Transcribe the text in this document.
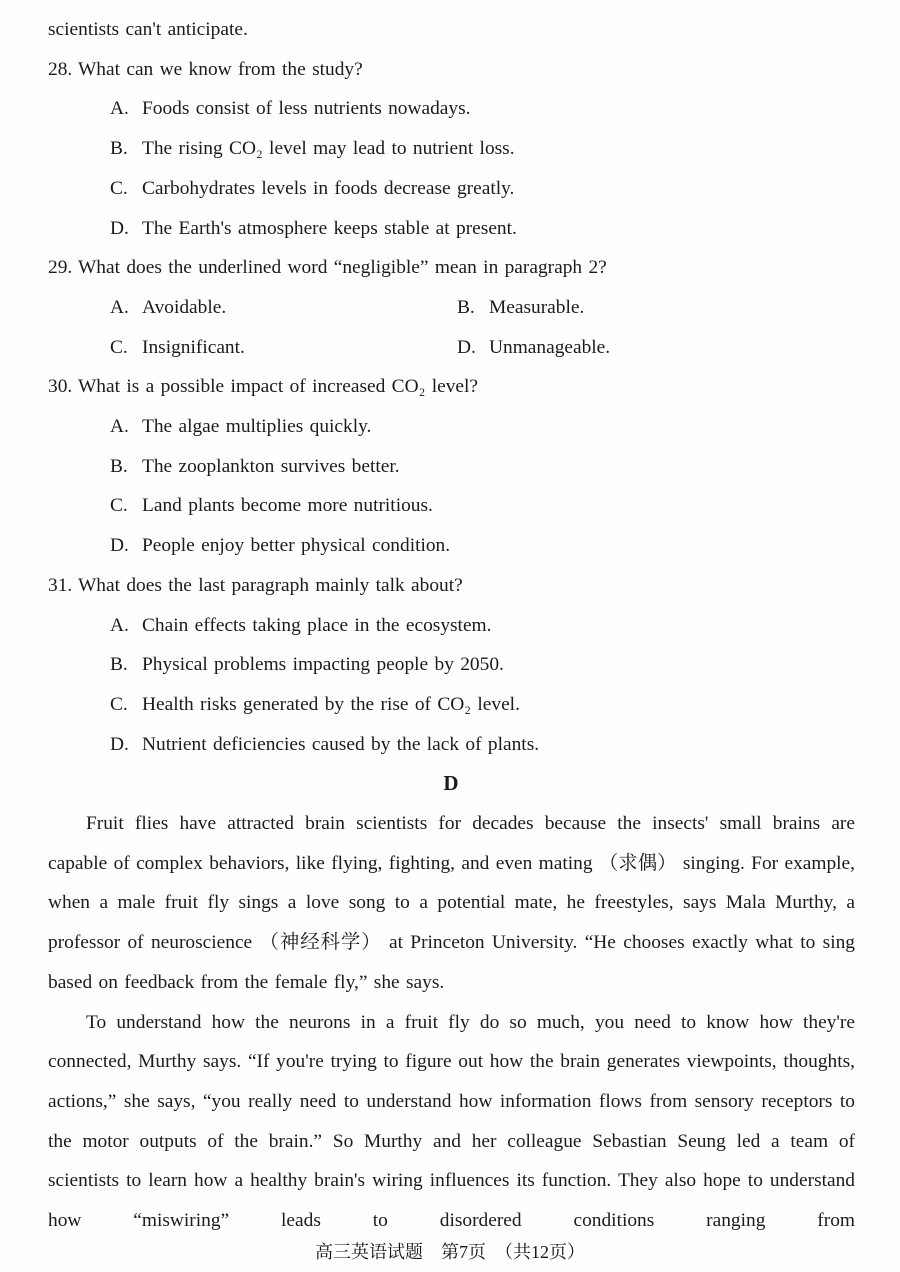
scientists can't anticipate.
28. What can we know from the study?
A. Foods consist of less nutrients nowadays.
B. The rising CO₂ level may lead to nutrient loss.
C. Carbohydrates levels in foods decrease greatly.
D. The Earth's atmosphere keeps stable at present.
29. What does the underlined word “negligible” mean in paragraph 2?
A. Avoidable.	B. Measurable.
C. Insignificant.	D. Unmanageable.
30. What is a possible impact of increased CO₂ level?
A. The algae multiplies quickly.
B. The zooplankton survives better.
C. Land plants become more nutritious.
D. People enjoy better physical condition.
31. What does the last paragraph mainly talk about?
A. Chain effects taking place in the ecosystem.
B. Physical problems impacting people by 2050.
C. Health risks generated by the rise of CO₂ level.
D. Nutrient deficiencies caused by the lack of plants.
D

Fruit flies have attracted brain scientists for decades because the insects' small brains are capable of complex behaviors, like flying, fighting, and even mating （求偶） singing. For example, when a male fruit fly sings a love song to a potential mate, he freestyles, says Mala Murthy, a professor of neuroscience （神经科学） at Princeton University. “He chooses exactly what to sing based on feedback from the female fly,” she says.

To understand how the neurons in a fruit fly do so much, you need to know how they're connected, Murthy says. “If you're trying to figure out how the brain generates viewpoints, thoughts, actions,” she says, “you really need to understand how information flows from sensory receptors to the motor outputs of the brain.” So Murthy and her colleague Sebastian Seung led a team of scientists to learn how a healthy brain's wiring influences its function. They also hope to understand how “miswiring” leads to disordered conditions ranging from

高三英语试题　第7页　（共12页）
